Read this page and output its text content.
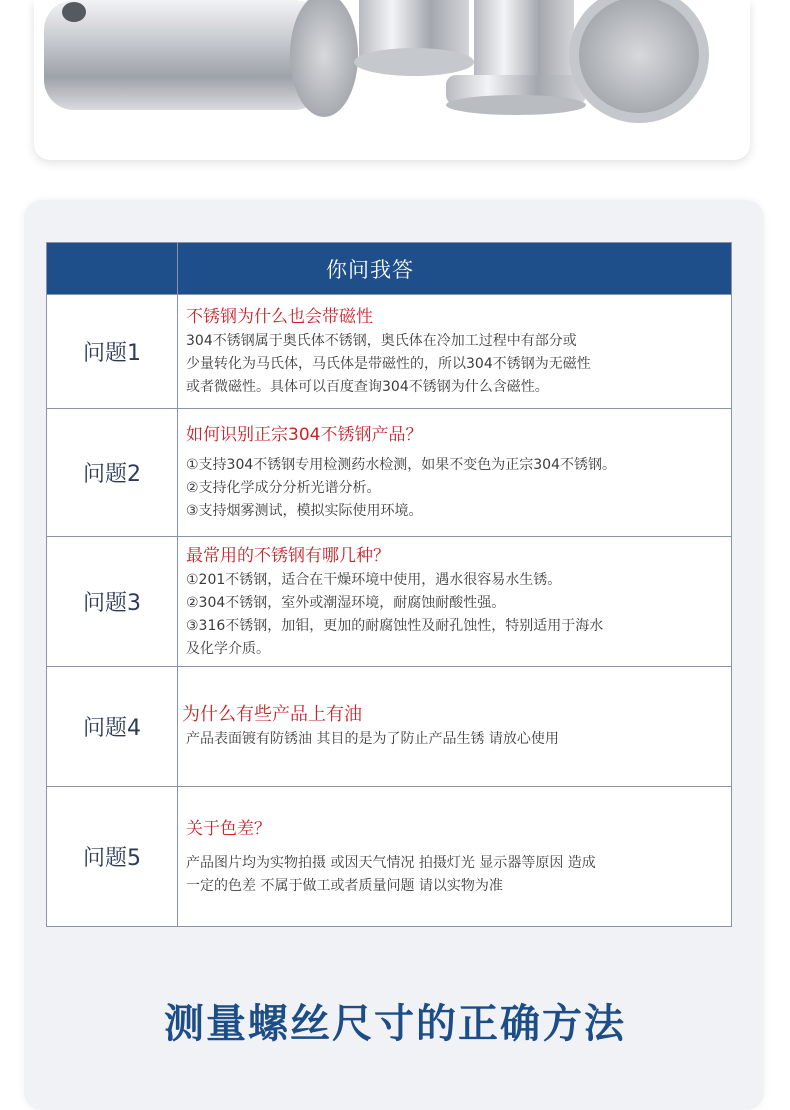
	你问我答
问题1	不锈钢为什么也会带磁性
304不锈钢属于奥氏体不锈钢，奥氏体在冷加工过程中有部分或
少量转化为马氏体，马氏体是带磁性的，所以304不锈钢为无磁性
或者微磁性。具体可以百度查询304不锈钢为什么含磁性。

问题2	如何识别正宗304不锈钢产品？
①支持304不锈钢专用检测药水检测，如果不变色为正宗304不锈钢。
②支持化学成分分析光谱分析。
③支持烟雾测试，模拟实际使用环境。

问题3	最常用的不锈钢有哪几种？
①201不锈钢，适合在干燥环境中使用，遇水很容易水生锈。
②304不锈钢，室外或潮湿环境，耐腐蚀耐酸性强。
③316不锈钢，加钼，更加的耐腐蚀性及耐孔蚀性，特别适用于海水
及化学介质。

问题4	为什么有些产品上有油
产品表面镀有防锈油 其目的是为了防止产品生锈 请放心使用

问题5	关于色差？
产品图片均为实物拍摄 或因天气情况 拍摄灯光 显示器等原因 造成
一定的色差 不属于做工或者质量问题 请以实物为准
测量螺丝尺寸的正确方法
